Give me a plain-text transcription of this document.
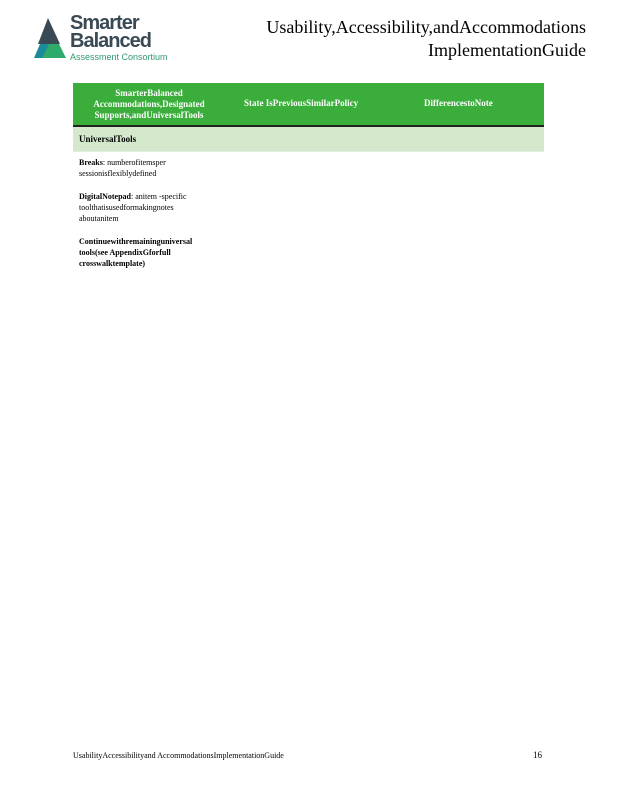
Smarter
Balanced
Assessment Consortium
Usability,Accessibility,andAccommodations
ImplementationGuide
SmarterBalanced
Accommodations,Designated
Supports,andUniversalTools
State IsPreviousSimilarPolicy	DifferencestoNote
UniversalTools
Breaks: numberofitemsper
sessionisflexiblydefined
DigitalNotepad: anitem -specific
toolthatisusedformakingnotes
aboutanitem
Continuewithremaininguniversal
tools(see AppendixGforfull
crosswalktemplate)
UsabilityAccessibilityand AccommodationsImplementationGuide	16
